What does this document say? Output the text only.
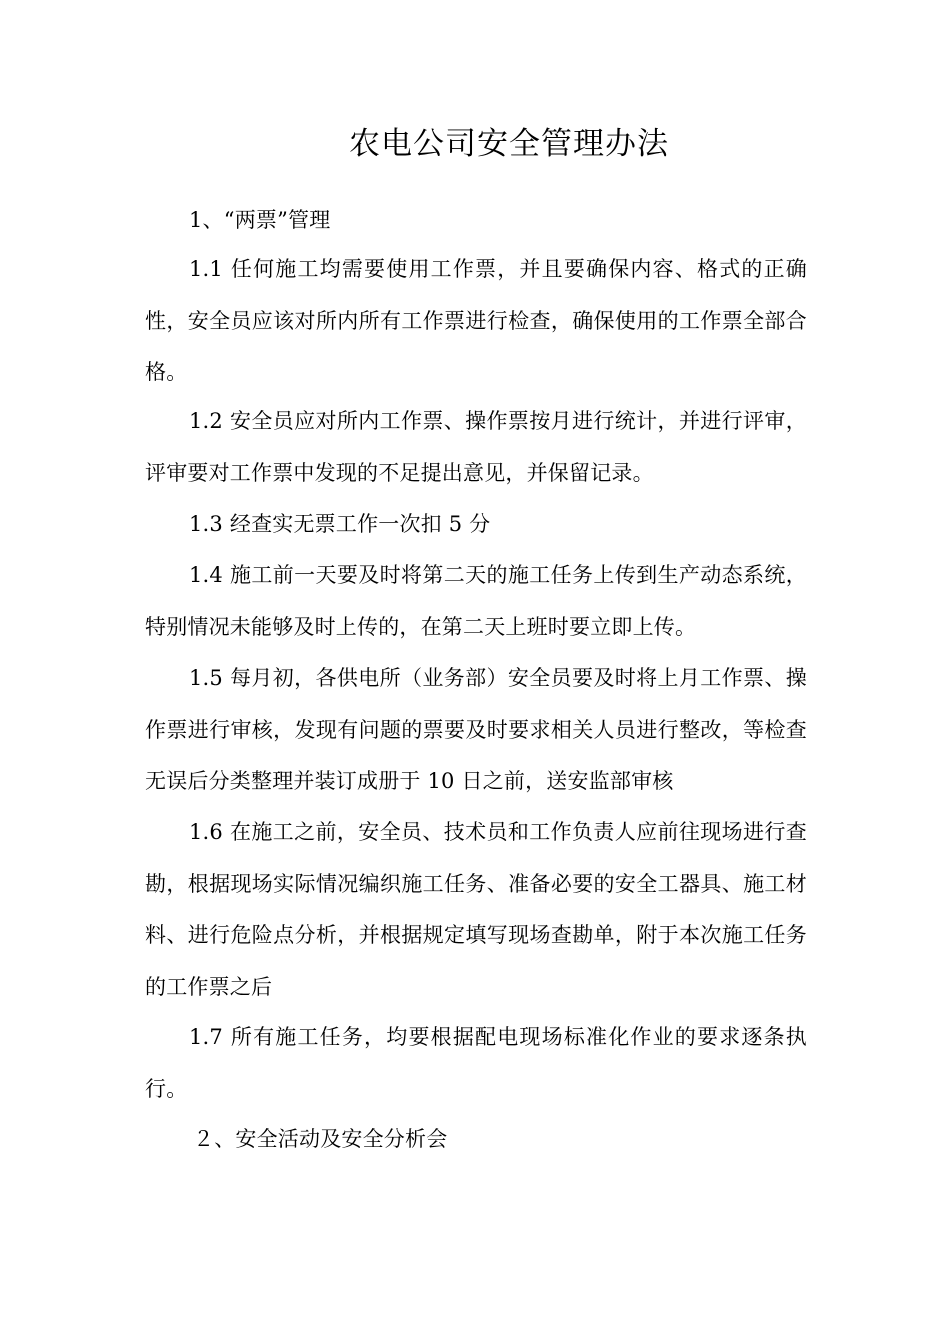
农电公司安全管理办法
1、“两票”管理
1.1 任何施工均需要使用工作票，并且要确保内容、格式的正确性，安全员应该对所内所有工作票进行检查，确保使用的工作票全部合格。
1.2 安全员应对所内工作票、操作票按月进行统计，并进行评审，评审要对工作票中发现的不足提出意见，并保留记录。
1.3 经查实无票工作一次扣 5 分
1.4 施工前一天要及时将第二天的施工任务上传到生产动态系统，特别情况未能够及时上传的，在第二天上班时要立即上传。
1.5 每月初，各供电所（业务部）安全员要及时将上月工作票、操作票进行审核，发现有问题的票要及时要求相关人员进行整改，等检查无误后分类整理并装订成册于 10 日之前，送安监部审核
1.6 在施工之前，安全员、技术员和工作负责人应前往现场进行查勘，根据现场实际情况编织施工任务、准备必要的安全工器具、施工材料、进行危险点分析，并根据规定填写现场查勘单，附于本次施工任务的工作票之后
1.7 所有施工任务，均要根据配电现场标准化作业的要求逐条执行。
２、安全活动及安全分析会
